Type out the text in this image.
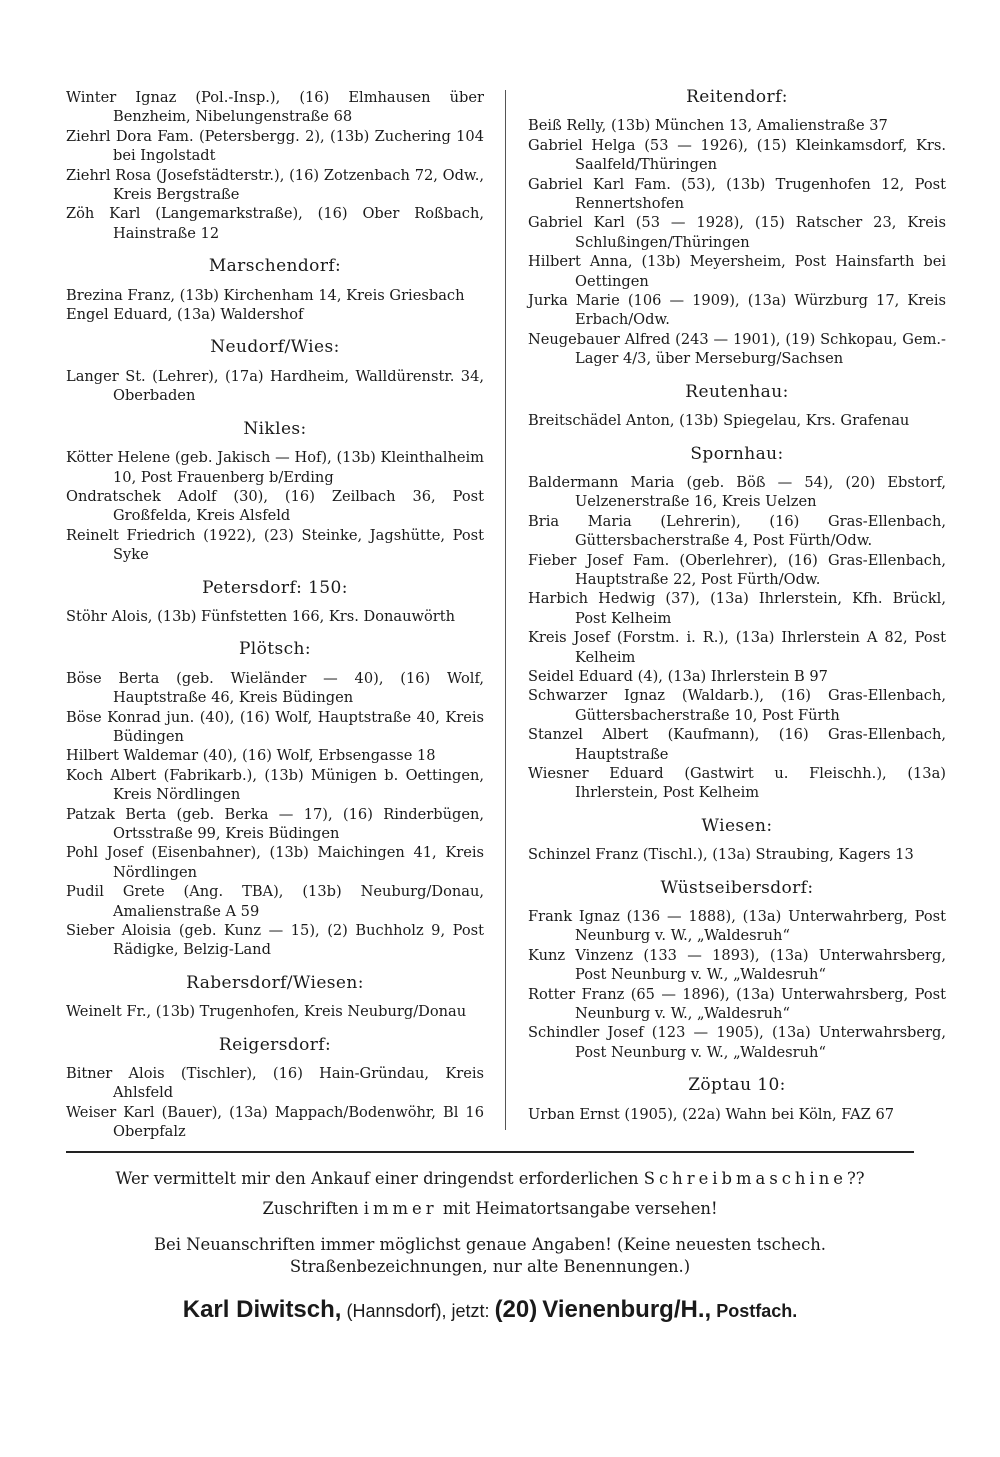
Winter Ignaz (Pol.-Insp.), (16) Elmhausen über Benzheim, Nibelungenstraße 68
Ziehrl Dora Fam. (Petersbergg. 2), (13b) Zuchering 104 bei Ingolstadt
Ziehrl Rosa (Josefstädterstr.), (16) Zotzenbach 72, Odw., Kreis Bergstraße
Zöh Karl (Langemarkstraße), (16) Ober Roßbach, Hainstraße 12
Marschendorf:
Brezina Franz, (13b) Kirchenham 14, Kreis Griesbach
Engel Eduard, (13a) Waldershof
Neudorf/Wies:
Langer St. (Lehrer), (17a) Hardheim, Walldürenstr. 34, Oberbaden
Nikles:
Kötter Helene (geb. Jakisch — Hof), (13b) Kleinthalheim 10, Post Frauenberg b/Erding
Ondratschek Adolf (30), (16) Zeilbach 36, Post Großfelda, Kreis Alsfeld
Reinelt Friedrich (1922), (23) Steinke, Jagshütte, Post Syke
Petersdorf: 150:
Stöhr Alois, (13b) Fünfstetten 166, Krs. Donauwörth
Plötsch:
Böse Berta (geb. Wieländer — 40), (16) Wolf, Hauptstraße 46, Kreis Büdingen
Böse Konrad jun. (40), (16) Wolf, Hauptstraße 40, Kreis Büdingen
Hilbert Waldemar (40), (16) Wolf, Erbsengasse 18
Koch Albert (Fabrikarb.), (13b) Münigen b. Oettingen, Kreis Nördlingen
Patzak Berta (geb. Berka — 17), (16) Rinderbügen, Ortsstraße 99, Kreis Büdingen
Pohl Josef (Eisenbahner), (13b) Maichingen 41, Kreis Nördlingen
Pudil Grete (Ang. TBA), (13b) Neuburg/Donau, Amalienstraße A 59
Sieber Aloisia (geb. Kunz — 15), (2) Buchholz 9, Post Rädigke, Belzig-Land
Rabersdorf/Wiesen:
Weinelt Fr., (13b) Trugenhofen, Kreis Neuburg/Donau
Reigersdorf:
Bitner Alois (Tischler), (16) Hain-Gründau, Kreis Ahlsfeld
Weiser Karl (Bauer), (13a) Mappach/Bodenwöhr, Bl 16 Oberpfalz
Reitendorf:
Beiß Relly, (13b) München 13, Amalienstraße 37
Gabriel Helga (53 — 1926), (15) Kleinkamsdorf, Krs. Saalfeld/Thüringen
Gabriel Karl Fam. (53), (13b) Trugenhofen 12, Post Rennertshofen
Gabriel Karl (53 — 1928), (15) Ratscher 23, Kreis Schlußingen/Thüringen
Hilbert Anna, (13b) Meyersheim, Post Hainsfarth bei Oettingen
Jurka Marie (106 — 1909), (13a) Würzburg 17, Kreis Erbach/Odw.
Neugebauer Alfred (243 — 1901), (19) Schkopau, Gem.-Lager 4/3, über Merseburg/Sachsen
Reutenhau:
Breitschädel Anton, (13b) Spiegelau, Krs. Grafenau
Spornhau:
Baldermann Maria (geb. Böß — 54), (20) Ebstorf, Uelzenerstraße 16, Kreis Uelzen
Bria Maria (Lehrerin), (16) Gras-Ellenbach, Güttersbacherstraße 4, Post Fürth/Odw.
Fieber Josef Fam. (Oberlehrer), (16) Gras-Ellenbach, Hauptstraße 22, Post Fürth/Odw.
Harbich Hedwig (37), (13a) Ihrlerstein, Kfh. Brückl, Post Kelheim
Kreis Josef (Forstm. i. R.), (13a) Ihrlerstein A 82, Post Kelheim
Seidel Eduard (4), (13a) Ihrlerstein B 97
Schwarzer Ignaz (Waldarb.), (16) Gras-Ellenbach, Güttersbacherstraße 10, Post Fürth
Stanzel Albert (Kaufmann), (16) Gras-Ellenbach, Hauptstraße
Wiesner Eduard (Gastwirt u. Fleischh.), (13a) Ihrlerstein, Post Kelheim
Wiesen:
Schinzel Franz (Tischl.), (13a) Straubing, Kagers 13
Wüstseibersdorf:
Frank Ignaz (136 — 1888), (13a) Unterwahrberg, Post Neunburg v. W., „Waldesruh“
Kunz Vinzenz (133 — 1893), (13a) Unterwahrsberg, Post Neunburg v. W., „Waldesruh“
Rotter Franz (65 — 1896), (13a) Unterwahrsberg, Post Neunburg v. W., „Waldesruh“
Schindler Josef (123 — 1905), (13a) Unterwahrsberg, Post Neunburg v. W., „Waldesruh“
Zöptau 10:
Urban Ernst (1905), (22a) Wahn bei Köln, FAZ 67
Wer vermittelt mir den Ankauf einer dringendst erforderlichen Schreibmaschine??
Zuschriften immer mit Heimatortsangabe versehen!
Bei Neuanschriften immer möglichst genaue Angaben! (Keine neuesten tschech. Straßenbezeichnungen, nur alte Benennungen.)
Karl Diwitsch, (Hannsdorf), jetzt: (20) Vienenburg/H., Postfach.
